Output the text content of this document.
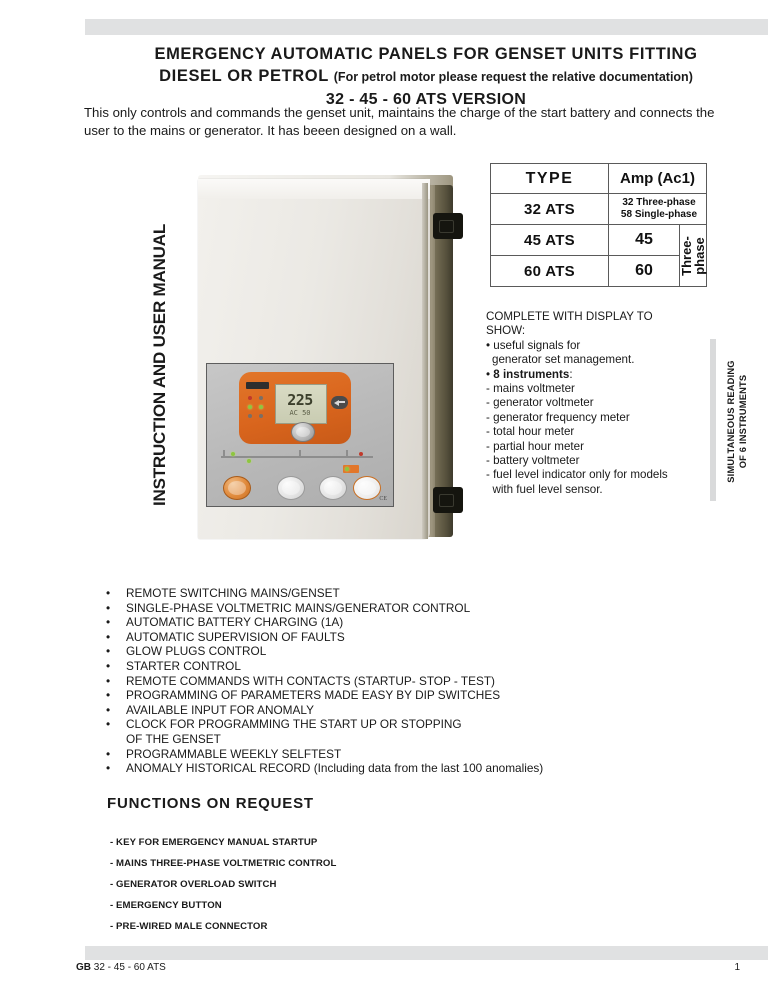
EMERGENCY AUTOMATIC PANELS FOR GENSET UNITS FITTING
DIESEL OR PETROL (For petrol motor please request the relative documentation)
32 - 45 - 60 ATS VERSION
This only controls and commands the genset unit, maintains the charge of the start battery and connects the user to the mains or generator. It has beeen designed on a wall.
INSTRUCTION AND USER MANUAL	225
AC 50
CE
TYPE	Amp (Ac1)	
32 ATS	32 Three-phase
58 Single-phase	

45 ATS	45	Three-
phase

60 ATS	60	
COMPLETE WITH DISPLAY TO
SHOW:
• useful signals for
generator set management.
• 8 instruments:
- mains voltmeter
- generator voltmeter
- generator frequency meter
- total hour meter
- partial hour meter
- battery voltmeter
- fuel level indicator only for models
with fuel level sensor.
SIMULTANEOUS READING OF 6 INSTRUMENTS
•	REMOTE SWITCHING MAINS/GENSET
•	SINGLE-PHASE VOLTMETRIC MAINS/GENERATOR CONTROL
•	AUTOMATIC BATTERY CHARGING (1A)
•	AUTOMATIC SUPERVISION OF FAULTS
•	GLOW PLUGS CONTROL
•	STARTER CONTROL
•	REMOTE COMMANDS WITH CONTACTS (STARTUP- STOP - TEST)
•	PROGRAMMING OF PARAMETERS MADE EASY BY DIP SWITCHES
•	AVAILABLE INPUT FOR ANOMALY
•	CLOCK FOR PROGRAMMING THE START UP OR STOPPING
OF THE GENSET
•	PROGRAMMABLE WEEKLY SELFTEST
•	ANOMALY HISTORICAL RECORD (Including data from the last 100 anomalies)
FUNCTIONS ON REQUEST
- KEY FOR EMERGENCY MANUAL STARTUP
- MAINS THREE-PHASE VOLTMETRIC CONTROL
- GENERATOR OVERLOAD SWITCH
- EMERGENCY BUTTON
- PRE-WIRED MALE CONNECTOR
GB 32 - 45 - 60 ATS	1
